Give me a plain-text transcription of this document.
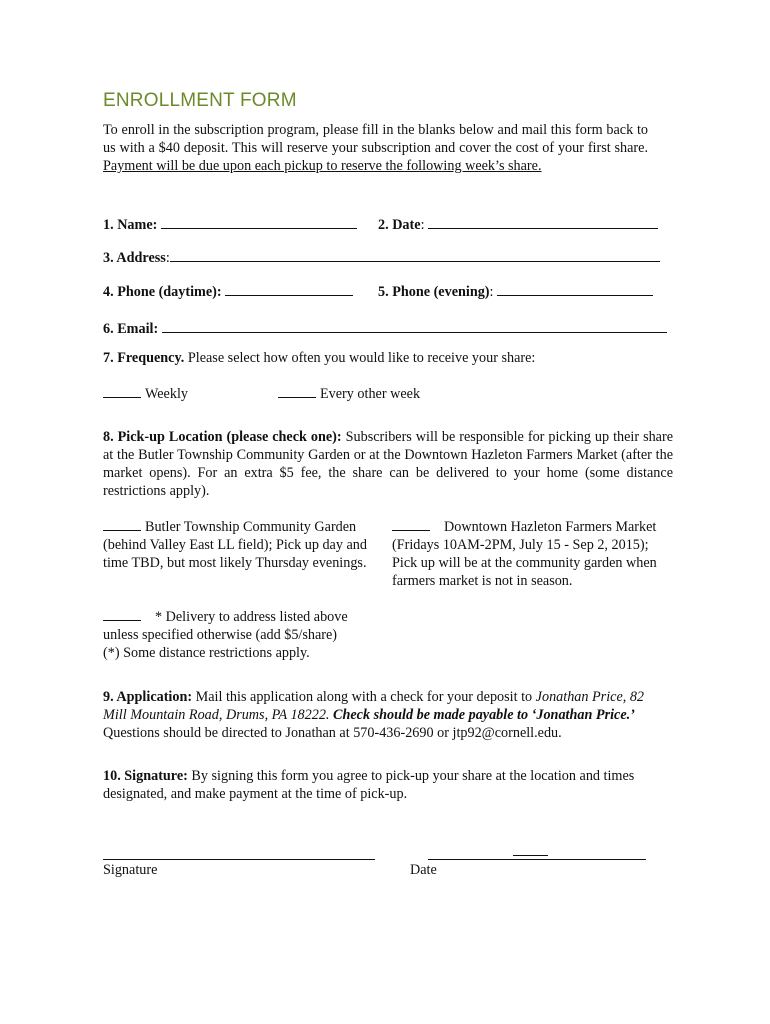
ENROLLMENT FORM
To enroll in the subscription program, please fill in the blanks below and mail this form back to us with a $40 deposit. This will reserve your subscription and cover the cost of your first share. Payment will be due upon each pickup to reserve the following week’s share.
1. Name:	2. Date:
3. Address:
4. Phone (daytime):	5. Phone (evening):
6. Email:
7. Frequency. Please select how often you would like to receive your share:
Weekly	Every other week
8. Pick-up Location (please check one): Subscribers will be responsible for picking up their share at the Butler Township Community Garden or at the Downtown Hazleton Farmers Market (after the market opens). For an extra $5 fee, the share can be delivered to your home (some distance restrictions apply).
Butler Township Community Garden (behind Valley East LL field); Pick up day and time TBD, but most likely Thursday evenings.
Downtown Hazleton Farmers Market (Fridays 10AM-2PM, July 15 - Sep 2, 2015); Pick up will be at the community garden when farmers market is not in season.
* Delivery to address listed above unless specified otherwise (add $5/share)
(*) Some distance restrictions apply.
9. Application: Mail this application along with a check for your deposit to Jonathan Price, 82 Mill Mountain Road, Drums, PA 18222. Check should be made payable to ‘Jonathan Price.’ Questions should be directed to Jonathan at 570-436-2690 or jtp92@cornell.edu.
10. Signature: By signing this form you agree to pick-up your share at the location and times designated, and make payment at the time of pick-up.
Signature	Date
